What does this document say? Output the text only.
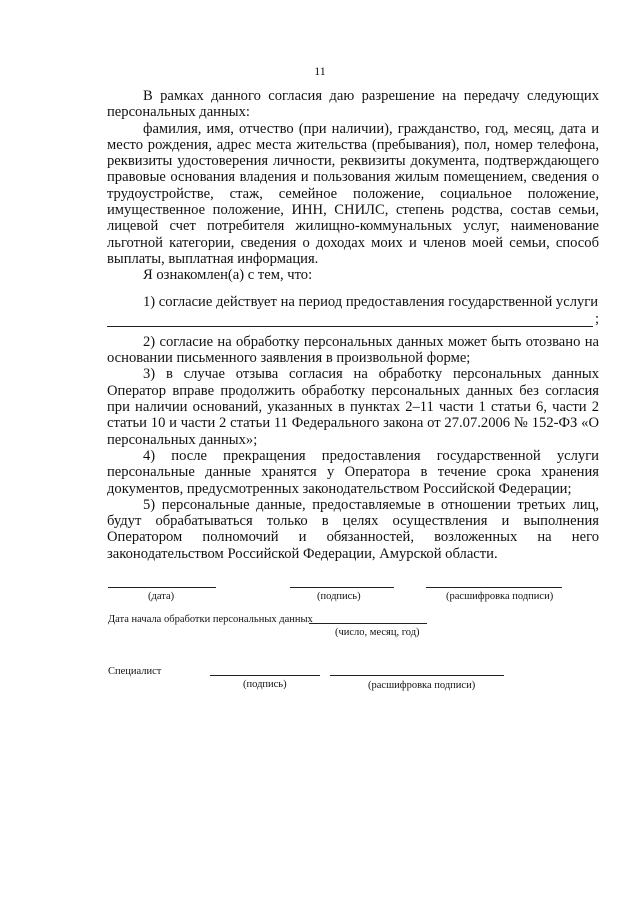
11

В рамках данного согласия даю разрешение на передачу следующих персональных данных:

фамилия, имя, отчество (при наличии), гражданство, год, месяц, дата и место рождения, адрес места жительства (пребывания), пол, номер телефона, реквизиты удостоверения личности, реквизиты документа, подтверждающего правовые основания владения и пользования жилым помещением, сведения о трудоустройстве, стаж, семейное положение, социальное положение, имущественное положение, ИНН, СНИЛС, степень родства, состав семьи, лицевой счет потребителя жилищно-коммунальных услуг, наименование льготной категории, сведения о доходах моих и членов моей семьи, способ выплаты, выплатная информация.

Я ознакомлен(а) с тем, что:

1) согласие действует на период предоставления государственной услуги

;

2) согласие на обработку персональных данных может быть отозвано на основании письменного заявления в произвольной форме;

3) в случае отзыва согласия на обработку персональных данных Оператор вправе продолжить обработку персональных данных без согласия при наличии оснований, указанных в пунктах 2–11 части 1 статьи 6, части 2 статьи 10 и части 2 статьи 11 Федерального закона от 27.07.2006 № 152-ФЗ «О персональных данных»;

4) после прекращения предоставления государственной услуги персональные данные хранятся у Оператора в течение срока хранения документов, предусмотренных законодательством Российской Федерации;

5) персональные данные, предоставляемые в отношении третьих лиц, будут обрабатываться только в целях осуществления и выполнения Оператором полномочий и обязанностей, возложенных на него законодательством Российской Федерации, Амурской области.

(дата)	(подпись)	(расшифровка подписи)
Дата начала обработки персональных данных
(число, месяц, год)
Специалист
(подпись)	(расшифровка подписи)
